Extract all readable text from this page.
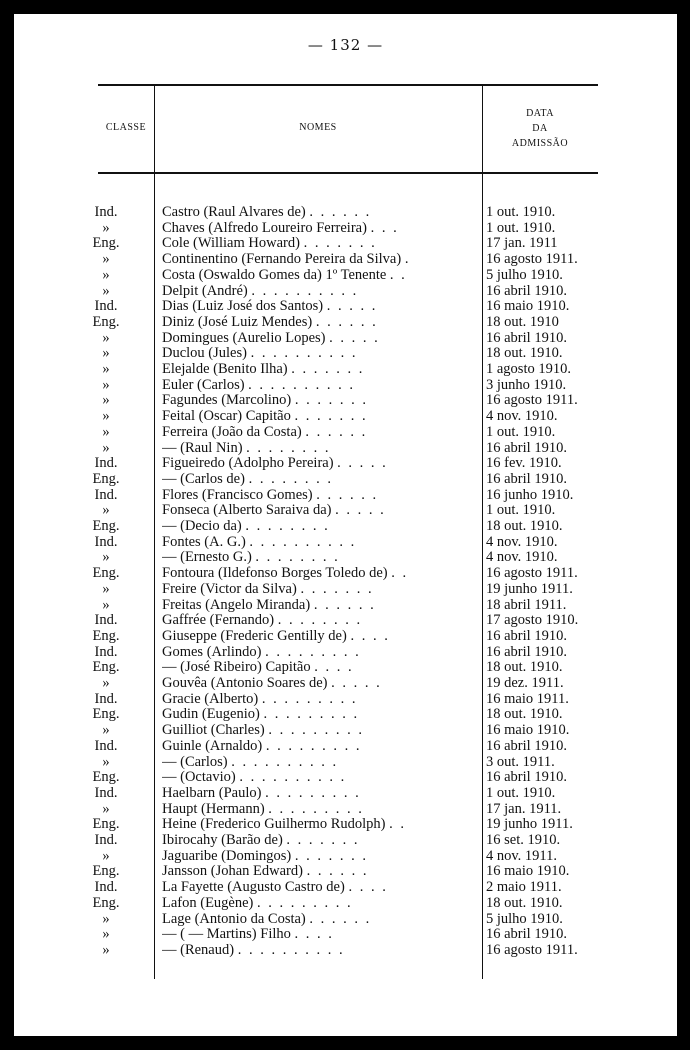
— 132 —
CLASSE	NOMES
DATA
DA
ADMISSÃO
Ind.	Castro (Raul Alvares de) . . . . . .	1 out. 1910.
»	Chaves (Alfredo Loureiro Ferreira) . . .	1 out. 1910.
Eng.	Cole (William Howard) . . . . . . .	17 jan. 1911
»	Continentino (Fernando Pereira da Silva) .	16 agosto 1911.
»	Costa (Oswaldo Gomes da) 1º Tenente . .	5 julho 1910.
»	Delpit (André) . . . . . . . . . .	16 abril 1910.
Ind.	Dias (Luiz José dos Santos) . . . . .	16 maio 1910.
Eng.	Diniz (José Luiz Mendes) . . . . . .	18 out. 1910
»	Domingues (Aurelio Lopes) . . . . .	16 abril 1910.
»	Duclou (Jules) . . . . . . . . . .	18 out. 1910.
»	Elejalde (Benito Ilha) . . . . . . .	1 agosto 1910.
»	Euler (Carlos) . . . . . . . . . .	3 junho 1910.
»	Fagundes (Marcolino) . . . . . . .	16 agosto 1911.
»	Feital (Oscar) Capitão . . . . . . .	4 nov. 1910.
»	Ferreira (João da Costa) . . . . . .	1 out. 1910.
»	— (Raul Nin) . . . . . . . .	16 abril 1910.
Ind.	Figueiredo (Adolpho Pereira) . . . . .	16 fev. 1910.
Eng.	— (Carlos de) . . . . . . . .	16 abril 1910.
Ind.	Flores (Francisco Gomes) . . . . . .	16 junho 1910.
»	Fonseca (Alberto Saraiva da) . . . . .	1 out. 1910.
Eng.	— (Decio da) . . . . . . . .	18 out. 1910.
Ind.	Fontes (A. G.) . . . . . . . . . .	4 nov. 1910.
»	— (Ernesto G.) . . . . . . . .	4 nov. 1910.
Eng.	Fontoura (Ildefonso Borges Toledo de) . .	16 agosto 1911.
»	Freire (Victor da Silva) . . . . . . .	19 junho 1911.
»	Freitas (Angelo Miranda) . . . . . .	18 abril 1911.
Ind.	Gaffrée (Fernando) . . . . . . . .	17 agosto 1910.
Eng.	Giuseppe (Frederic Gentilly de) . . . .	16 abril 1910.
Ind.	Gomes (Arlindo) . . . . . . . . .	16 abril 1910.
Eng.	— (José Ribeiro) Capitão . . . .	18 out. 1910.
»	Gouvêa (Antonio Soares de) . . . . .	19 dez. 1911.
Ind.	Gracie (Alberto) . . . . . . . . .	16 maio 1911.
Eng.	Gudin (Eugenio) . . . . . . . . .	18 out. 1910.
»	Guilliot (Charles) . . . . . . . . .	16 maio 1910.
Ind.	Guinle (Arnaldo) . . . . . . . . .	16 abril 1910.
»	— (Carlos) . . . . . . . . . .	3 out. 1911.
Eng.	— (Octavio) . . . . . . . . . .	16 abril 1910.
Ind.	Haelbarn (Paulo) . . . . . . . . .	1 out. 1910.
»	Haupt (Hermann) . . . . . . . . .	17 jan. 1911.
Eng.	Heine (Frederico Guilhermo Rudolph) . .	19 junho 1911.
Ind.	Ibirocahy (Barão de) . . . . . . .	16 set. 1910.
»	Jaguaribe (Domingos) . . . . . . .	4 nov. 1911.
Eng.	Jansson (Johan Edward) . . . . . .	16 maio 1910.
Ind.	La Fayette (Augusto Castro de) . . . .	2 maio 1911.
Eng.	Lafon (Eugène) . . . . . . . . .	18 out. 1910.
»	Lage (Antonio da Costa) . . . . . .	5 julho 1910.
»	— ( — Martins) Filho . . . .	16 abril 1910.
»	— (Renaud) . . . . . . . . . .	16 agosto 1911.
